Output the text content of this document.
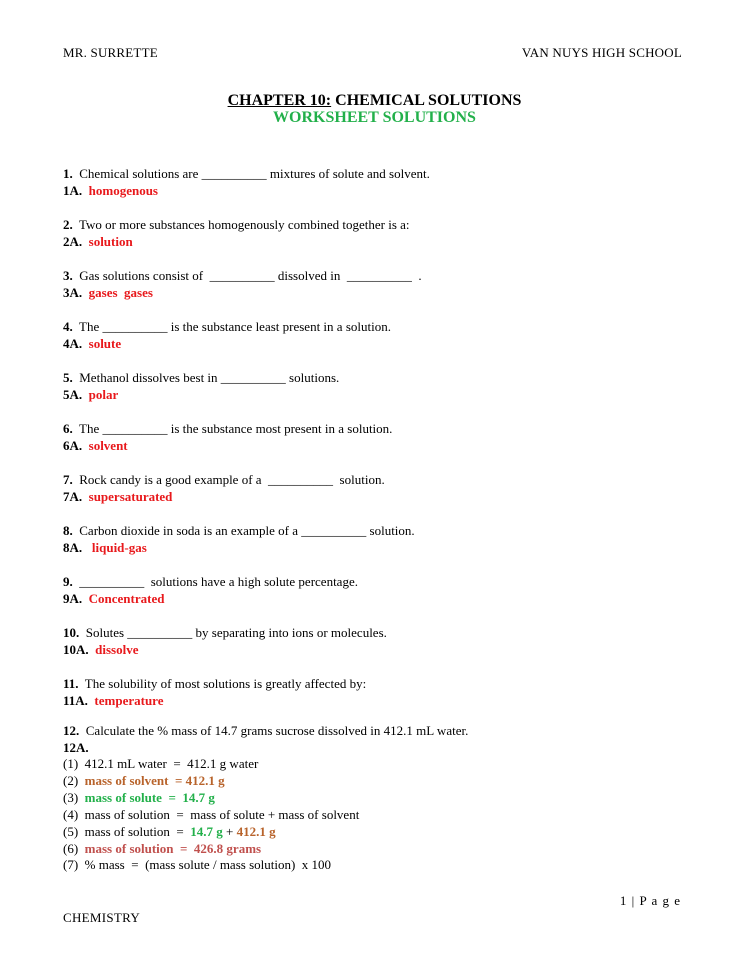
MR. SURRETTE	VAN NUYS HIGH SCHOOL
CHAPTER 10: CHEMICAL SOLUTIONS
WORKSHEET SOLUTIONS
1.  Chemical solutions are __________ mixtures of solute and solvent.
1A.  homogenous
2.  Two or more substances homogenously combined together is a:
2A.  solution
3.  Gas solutions consist of  __________ dissolved in  __________  .
3A.  gases  gases
4.  The __________ is the substance least present in a solution.
4A.  solute
5.  Methanol dissolves best in __________ solutions.
5A.  polar
6.  The __________ is the substance most present in a solution.
6A.  solvent
7.  Rock candy is a good example of a  __________  solution.
7A.  supersaturated
8.  Carbon dioxide in soda is an example of a __________ solution.
8A.   liquid-gas
9.  __________  solutions have a high solute percentage.
9A.  Concentrated
10.  Solutes __________ by separating into ions or molecules.
10A.  dissolve
11.  The solubility of most solutions is greatly affected by:
11A.  temperature
12.  Calculate the % mass of 14.7 grams sucrose dissolved in 412.1 mL water.
12A.
(1)  412.1 mL water  =  412.1 g water
(2)  mass of solvent  = 412.1 g
(3)  mass of solute  =  14.7 g
(4)  mass of solution  =  mass of solute + mass of solvent
(5)  mass of solution  =  14.7 g + 412.1 g
(6)  mass of solution  =  426.8 grams
(7)  % mass  =  (mass solute / mass solution)  x 100
1 | P a g e
CHEMISTRY
